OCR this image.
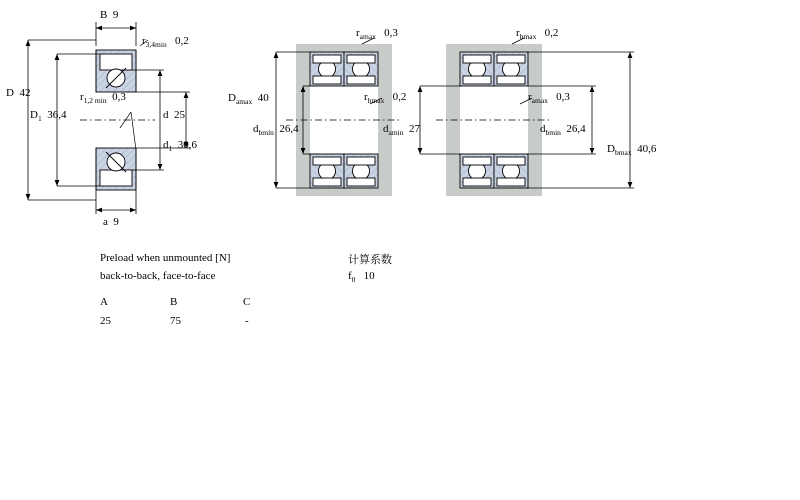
B 9
$r_{3,4min}$ 0,2
D 42
$D_1$ 36,4
$r_{1,2 min}$ 0,3
d 25
$d_1$ 30,6
a 9
$r_{amax}$ 0,3
$D_{amax}$ 40	$r_{bmax}$ 0,2
$d_{bmin}$ 26,4
$r_{bmax}$ 0,2
$r_{amax}$ 0,3
$d_{amin}$ 27	$d_{bmin}$ 26,4
$D_{bmax}$ 40,6
Preload when unmounted [N]
back-to-back, face-to-face
计算系数
$f_0$ 10
A	B	C
25	75	-
